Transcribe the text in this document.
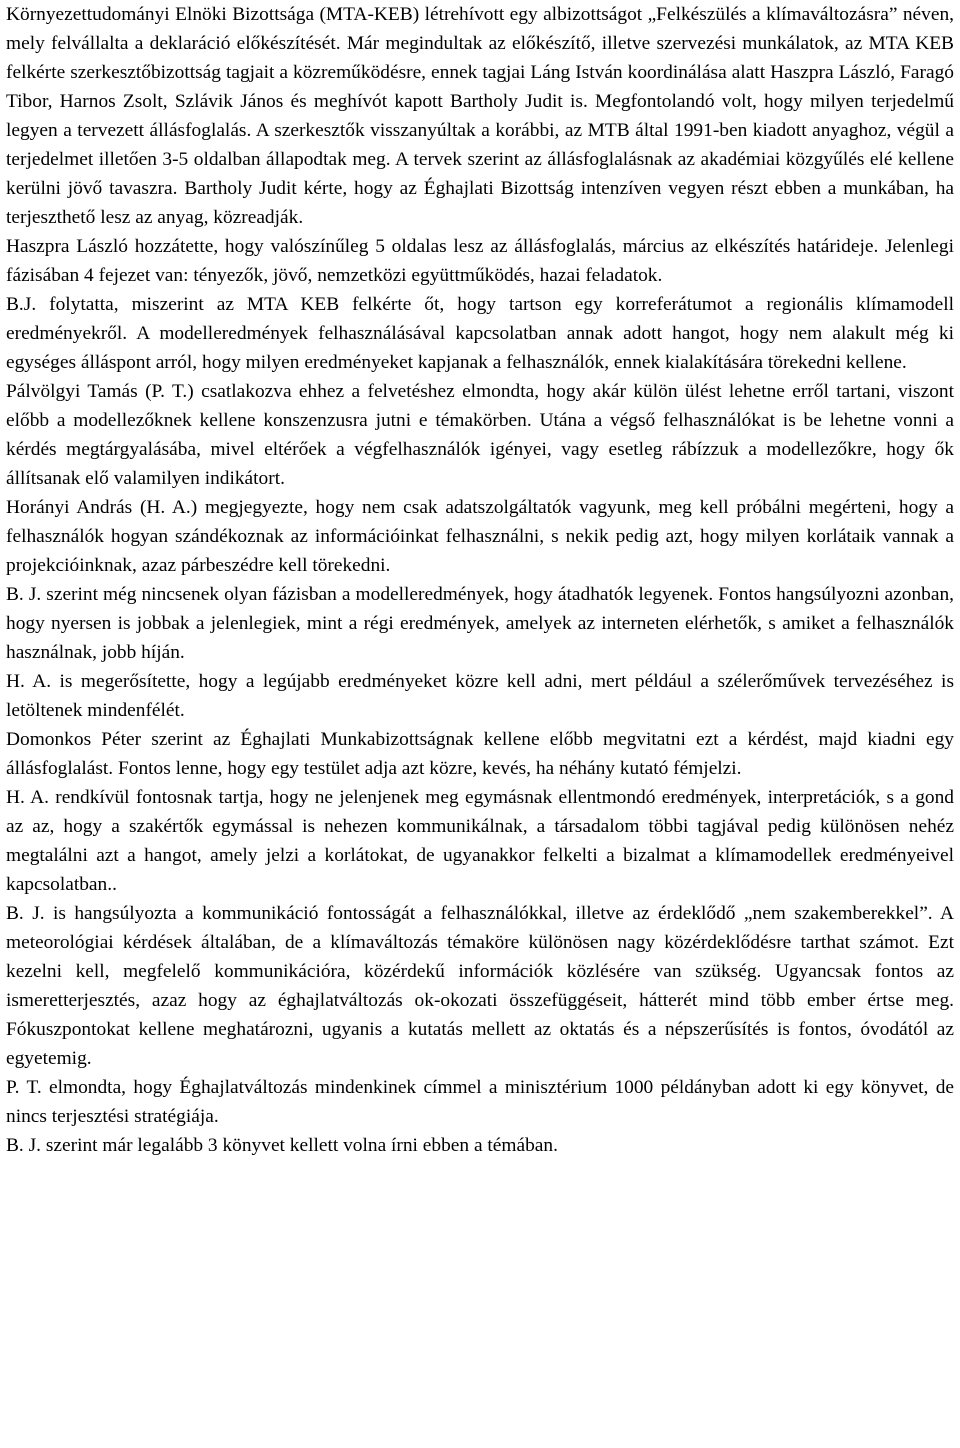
Környezettudományi Elnöki Bizottsága (MTA-KEB) létrehívott egy albizottságot „Felkészülés a klímaváltozásra” néven, mely felvállalta a deklaráció előkészítését. Már megindultak az előkészítő, illetve szervezési munkálatok, az MTA KEB felkérte szerkesztőbizottság tagjait a közreműködésre, ennek tagjai Láng István koordinálása alatt Haszpra László, Faragó Tibor, Harnos Zsolt, Szlávik János és meghívót kapott Bartholy Judit is. Megfontolandó volt, hogy milyen terjedelmű legyen a tervezett állásfoglalás. A szerkesztők visszanyúltak a korábbi, az MTB által 1991-ben kiadott anyaghoz, végül a terjedelmet illetően 3-5 oldalban állapodtak meg. A tervek szerint az állásfoglalásnak az akadémiai közgyűlés elé kellene kerülni jövő tavaszra. Bartholy Judit kérte, hogy az Éghajlati Bizottság intenzíven vegyen részt ebben a munkában, ha terjeszthető lesz az anyag, közreadják.

Haszpra László hozzátette, hogy valószínűleg 5 oldalas lesz az állásfoglalás, március az elkészítés határideje. Jelenlegi fázisában 4 fejezet van: tényezők, jövő, nemzetközi együttműködés, hazai feladatok.

B.J. folytatta, miszerint az MTA KEB felkérte őt, hogy tartson egy korreferátumot a regionális klímamodell eredményekről. A modelleredmények felhasználásával kapcsolatban annak adott hangot, hogy nem alakult még ki egységes álláspont arról, hogy milyen eredményeket kapjanak a felhasználók, ennek kialakítására törekedni kellene.

Pálvölgyi Tamás (P. T.) csatlakozva ehhez a felvetéshez elmondta, hogy akár külön ülést lehetne erről tartani, viszont előbb a modellezőknek kellene konszenzusra jutni e témakörben. Utána a végső felhasználókat is be lehetne vonni a kérdés megtárgyalásába, mivel eltérőek a végfelhasználók igényei, vagy esetleg rábízzuk a modellezőkre, hogy ők állítsanak elő valamilyen indikátort.

Horányi András (H. A.) megjegyezte, hogy nem csak adatszolgáltatók vagyunk, meg kell próbálni megérteni, hogy a felhasználók hogyan szándékoznak az információinkat felhasználni, s nekik pedig azt, hogy milyen korlátaik vannak a projekcióinknak, azaz párbeszédre kell törekedni.

B. J. szerint még nincsenek olyan fázisban a modelleredmények, hogy átadhatók legyenek. Fontos hangsúlyozni azonban, hogy nyersen is jobbak a jelenlegiek, mint a régi eredmények, amelyek az interneten elérhetők, s amiket a felhasználók használnak, jobb híján.

H. A. is megerősítette, hogy a legújabb eredményeket közre kell adni, mert például a szélerőművek tervezéséhez is letöltenek mindenfélét.

Domonkos Péter szerint az Éghajlati Munkabizottságnak kellene előbb megvitatni ezt a kérdést, majd kiadni egy állásfoglalást. Fontos lenne, hogy egy testület adja azt közre, kevés, ha néhány kutató fémjelzi.

H. A. rendkívül fontosnak tartja, hogy ne jelenjenek meg egymásnak ellentmondó eredmények, interpretációk, s a gond az az, hogy a szakértők egymással is nehezen kommunikálnak, a társadalom többi tagjával pedig különösen nehéz megtalálni azt a hangot, amely jelzi a korlátokat, de ugyanakkor felkelti a bizalmat a klímamodellek eredményeivel kapcsolatban..

B. J. is hangsúlyozta a kommunikáció fontosságát a felhasználókkal, illetve az érdeklődő „nem szakemberekkel”. A meteorológiai kérdések általában, de a klímaváltozás témaköre különösen nagy közérdeklődésre tarthat számot. Ezt kezelni kell, megfelelő kommunikációra, közérdekű információk közlésére van szükség. Ugyancsak fontos az ismeretterjesztés, azaz hogy az éghajlatváltozás ok-okozati összefüggéseit, hátterét mind több ember értse meg. Fókuszpontokat kellene meghatározni, ugyanis a kutatás mellett az oktatás és a népszerűsítés is fontos, óvodától az egyetemig.

P. T. elmondta, hogy Éghajlatváltozás mindenkinek címmel a minisztérium 1000 példányban adott ki egy könyvet, de nincs terjesztési stratégiája.

B. J. szerint már legalább 3 könyvet kellett volna írni ebben a témában.
